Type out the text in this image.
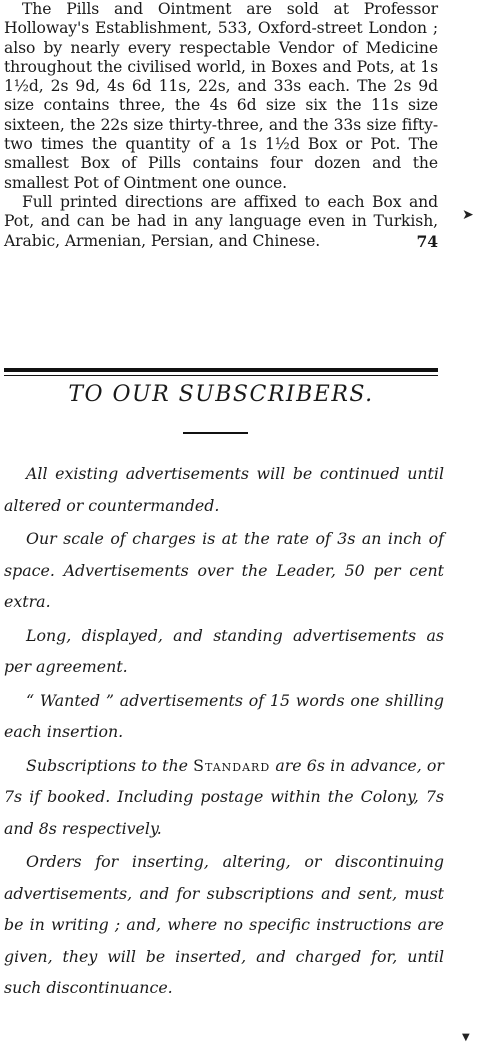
The Pills and Ointment are sold at Professor Holloway's Establishment, 533, Oxford-street London ; also by nearly every respectable Vendor of Medicine throughout the civilised world, in Boxes and Pots, at 1s 1½d, 2s 9d, 4s 6d 11s, 22s, and 33s each. The 2s 9d size contains three, the 4s 6d size six the 11s size sixteen, the 22s size thirty-three, and the 33s size fifty-two times the quantity of a 1s 1½d Box or Pot. The smallest Box of Pills contains four dozen and the smallest Pot of Ointment one ounce.

Full printed directions are affixed to each Box and Pot, and can be had in any language even in Turkish, Arabic, Armenian, Persian, and Chinese.	74

TO OUR SUBSCRIBERS.

All existing advertisements will be continued until altered or countermanded.

Our scale of charges is at the rate of 3s an inch of space. Advertisements over the Leader, 50 per cent extra.

Long, displayed, and standing advertisements as per agreement.

“ Wanted ” advertisements of 15 words one shilling each insertion.

Subscriptions to the Standard are 6s in advance, or 7s if booked. Including postage within the Colony, 7s and 8s respectively.

Orders for inserting, altering, or discontinuing advertisements, and for subscriptions and sent, must be in writing ; and, where no specific instructions are given, they will be inserted, and charged for, until such discontinuance.

➤
▼
